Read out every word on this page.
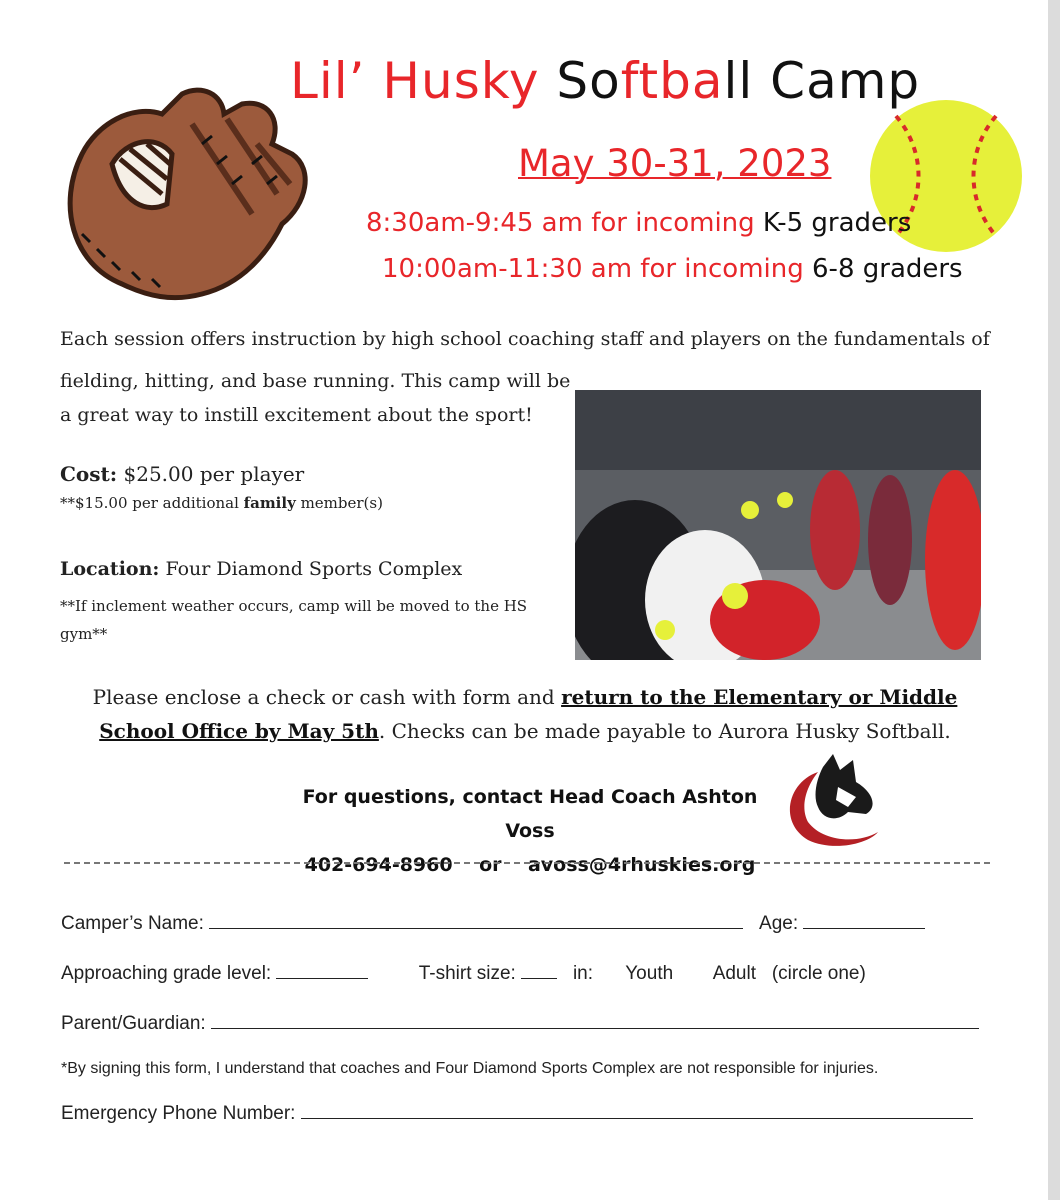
Lil’ Husky Softball Camp
May 30-31, 2023
8:30am-9:45 am for incoming K-5 graders
10:00am-11:30 am for incoming 6-8 graders
Each session offers instruction by high school coaching staff and players on the fundamentals of
fielding, hitting, and base running. This camp will be a great way to instill excitement about the sport!
Cost: $25.00 per player
**$15.00 per additional family member(s)
Location: Four Diamond Sports Complex
**If inclement weather occurs, camp will be moved to the HS gym**
Please enclose a check or cash with form and return to the Elementary or Middle School Office by May 5th. Checks can be made payable to Aurora Husky Softball.
For questions, contact Head Coach Ashton Voss
402-694-8960 or avoss@4rhuskies.org
Camper’s Name:	Age:
Approaching grade level:	T-shirt size:	in: Youth Adult (circle one)
Parent/Guardian:
*By signing this form, I understand that coaches and Four Diamond Sports Complex are not responsible for injuries.
Emergency Phone Number:
